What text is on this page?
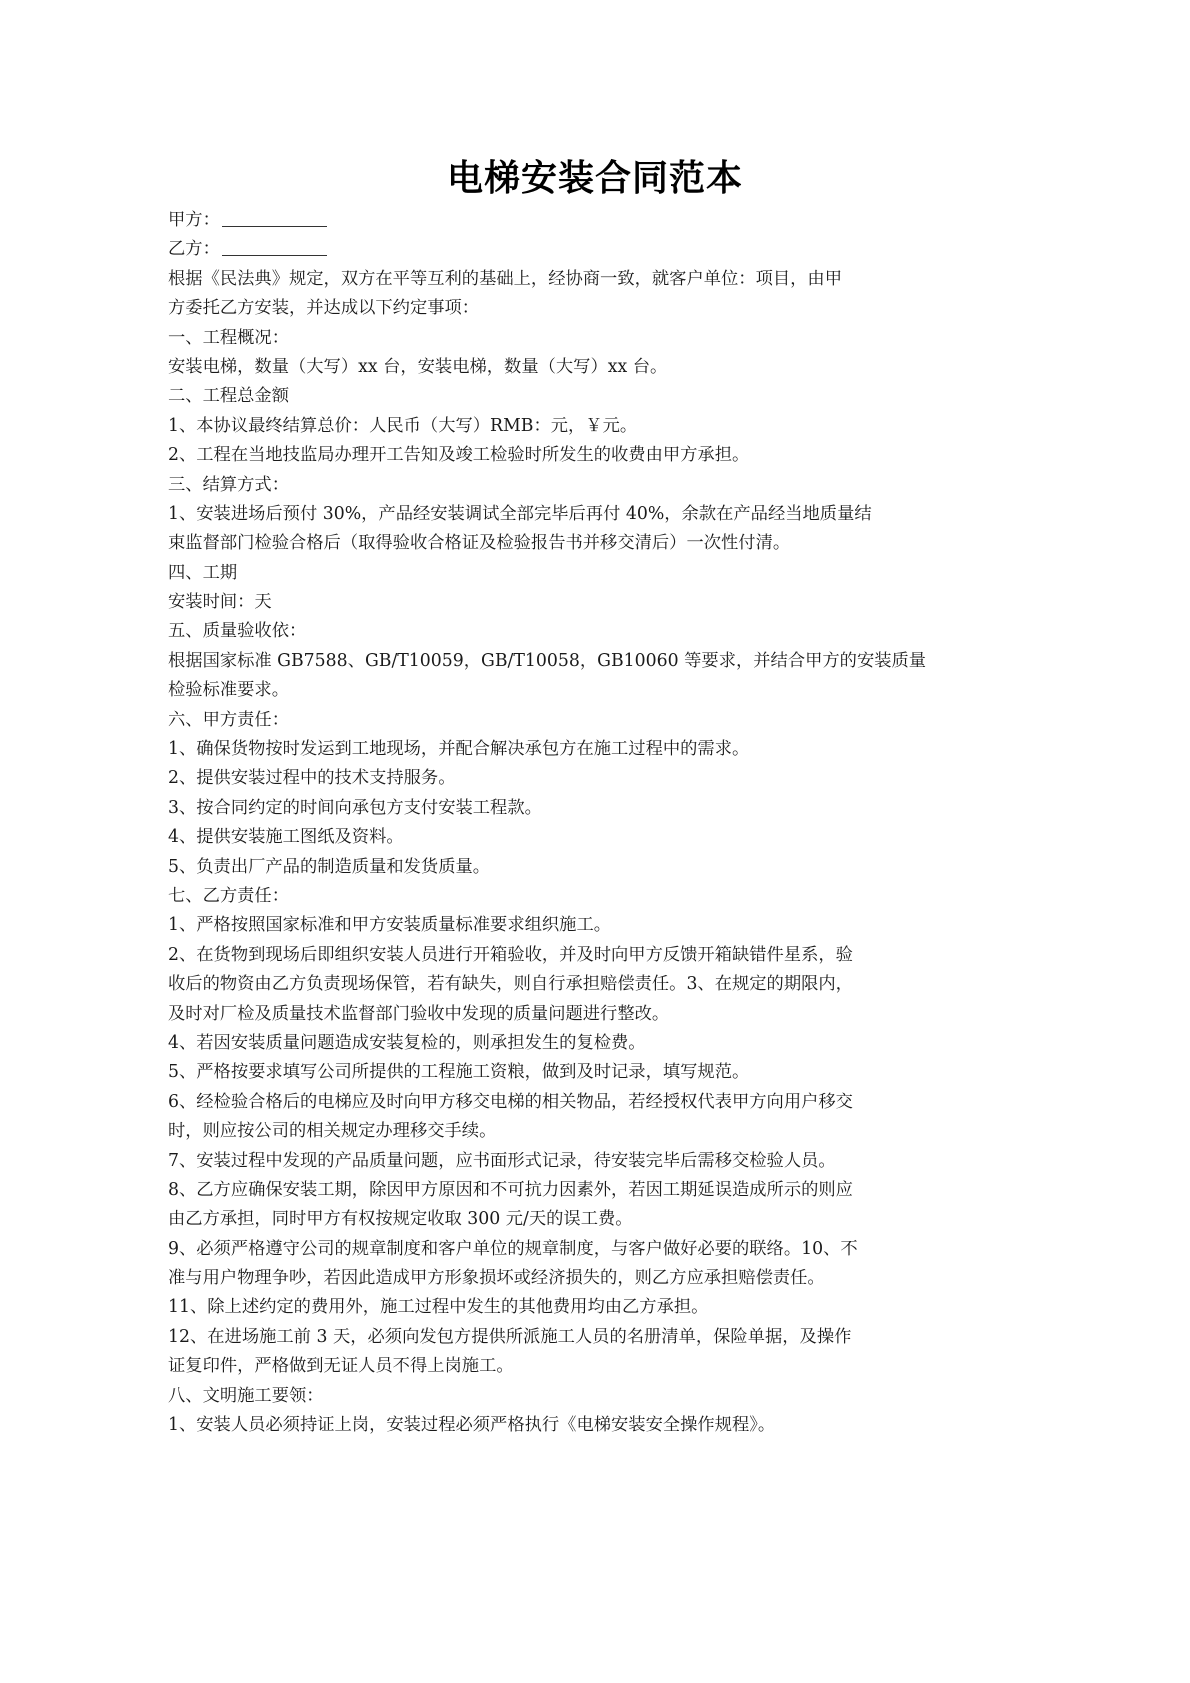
电梯安装合同范本
甲方：
乙方：
根据《民法典》规定，双方在平等互利的基础上，经协商一致，就客户单位：项目，由甲
方委托乙方安装，并达成以下约定事项：
一、工程概况：
安装电梯，数量（大写）xx 台，安装电梯，数量（大写）xx 台。
二、工程总金额
1、本协议最终结算总价：人民币（大写）RMB：元，￥元。
2、工程在当地技监局办理开工告知及竣工检验时所发生的收费由甲方承担。
三、结算方式：
1、安装进场后预付 30%，产品经安装调试全部完毕后再付 40%，余款在产品经当地质量结
束监督部门检验合格后（取得验收合格证及检验报告书并移交清后）一次性付清。
四、工期
安装时间：天
五、质量验收依：
根据国家标准 GB7588、GB/T10059，GB/T10058，GB10060 等要求，并结合甲方的安装质量
检验标准要求。
六、甲方责任：
1、确保货物按时发运到工地现场，并配合解决承包方在施工过程中的需求。
2、提供安装过程中的技术支持服务。
3、按合同约定的时间向承包方支付安装工程款。
4、提供安装施工图纸及资料。
5、负责出厂产品的制造质量和发货质量。
七、乙方责任：
1、严格按照国家标准和甲方安装质量标准要求组织施工。
2、在货物到现场后即组织安装人员进行开箱验收，并及时向甲方反馈开箱缺错件星系，验
收后的物资由乙方负责现场保管，若有缺失，则自行承担赔偿责任。3、在规定的期限内，
及时对厂检及质量技术监督部门验收中发现的质量问题进行整改。
4、若因安装质量问题造成安装复检的，则承担发生的复检费。
5、严格按要求填写公司所提供的工程施工资粮，做到及时记录，填写规范。
6、经检验合格后的电梯应及时向甲方移交电梯的相关物品，若经授权代表甲方向用户移交
时，则应按公司的相关规定办理移交手续。
7、安装过程中发现的产品质量问题，应书面形式记录，待安装完毕后需移交检验人员。
8、乙方应确保安装工期，除因甲方原因和不可抗力因素外，若因工期延误造成所示的则应
由乙方承担，同时甲方有权按规定收取 300 元/天的误工费。
9、必须严格遵守公司的规章制度和客户单位的规章制度，与客户做好必要的联络。10、不
准与用户物理争吵，若因此造成甲方形象损坏或经济损失的，则乙方应承担赔偿责任。
11、除上述约定的费用外，施工过程中发生的其他费用均由乙方承担。
12、在进场施工前 3 天，必须向发包方提供所派施工人员的名册清单，保险单据，及操作
证复印件，严格做到无证人员不得上岗施工。
八、文明施工要领：
1、安装人员必须持证上岗，安装过程必须严格执行《电梯安装安全操作规程》。
